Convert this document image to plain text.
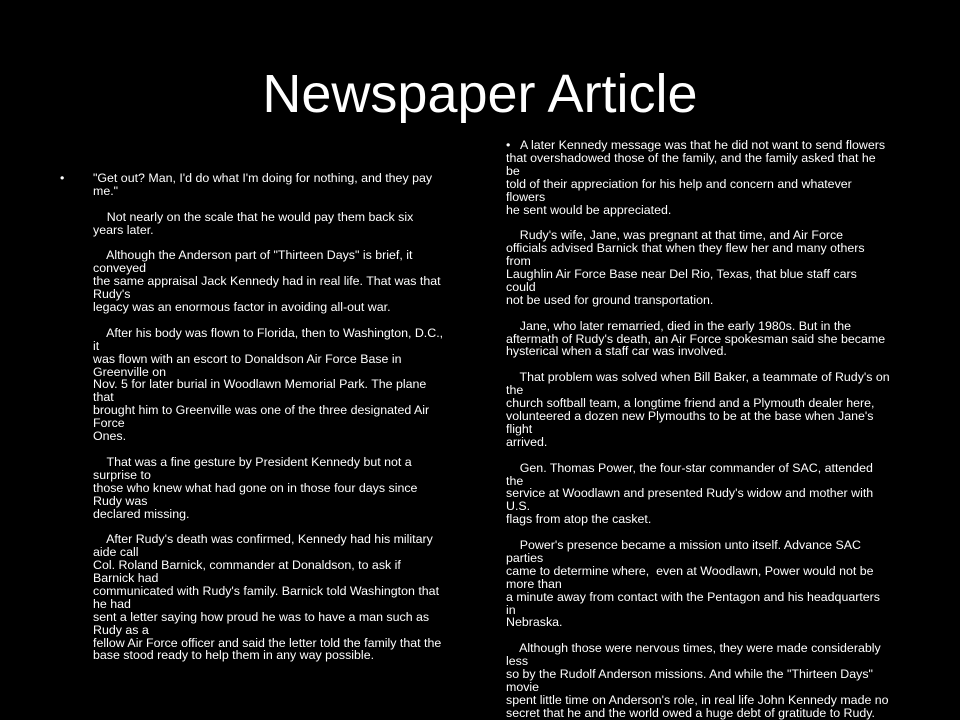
Newspaper Article
•	"Get out? Man, I'd do what I'm doing for nothing, and they pay
me."
Not nearly on the scale that he would pay them back six
years later.
Although the Anderson part of "Thirteen Days" is brief, it
conveyed
the same appraisal Jack Kennedy had in real life. That was that
Rudy's
legacy was an enormous factor in avoiding all-out war.
After his body was flown to Florida, then to Washington, D.C.,
it
was flown with an escort to Donaldson Air Force Base in
Greenville on
Nov. 5 for later burial in Woodlawn Memorial Park. The plane
that
brought him to Greenville was one of the three designated Air
Force
Ones.
That was a fine gesture by President Kennedy but not a
surprise to
those who knew what had gone on in those four days since
Rudy was
declared missing.
After Rudy's death was confirmed, Kennedy had his military
aide call
Col. Roland Barnick, commander at Donaldson, to ask if
Barnick had
communicated with Rudy's family. Barnick told Washington that
he had
sent a letter saying how proud he was to have a man such as
Rudy as a
fellow Air Force officer and said the letter told the family that the
base stood ready to help them in any way possible.
• A later Kennedy message was that he did not want to send flowers
that overshadowed those of the family, and the family asked that he
be
told of their appreciation for his help and concern and whatever
flowers
he sent would be appreciated.
Rudy's wife, Jane, was pregnant at that time, and Air Force
officials advised Barnick that when they flew her and many others
from
Laughlin Air Force Base near Del Rio, Texas, that blue staff cars
could
not be used for ground transportation.
Jane, who later remarried, died in the early 1980s. But in the
aftermath of Rudy's death, an Air Force spokesman said she became
hysterical when a staff car was involved.
That problem was solved when Bill Baker, a teammate of Rudy's on
the
church softball team, a longtime friend and a Plymouth dealer here,
volunteered a dozen new Plymouths to be at the base when Jane's
flight
arrived.
Gen. Thomas Power, the four-star commander of SAC, attended
the
service at Woodlawn and presented Rudy's widow and mother with
U.S.
flags from atop the casket.
Power's presence became a mission unto itself. Advance SAC
parties
came to determine where,  even at Woodlawn, Power would not be
more than
a minute away from contact with the Pentagon and his headquarters
in
Nebraska.
Although those were nervous times, they were made considerably
less
so by the Rudolf Anderson missions. And while the "Thirteen Days"
movie
spent little time on Anderson's role, in real life John Kennedy made no
secret that he and the world owed a huge debt of gratitude to Rudy.
